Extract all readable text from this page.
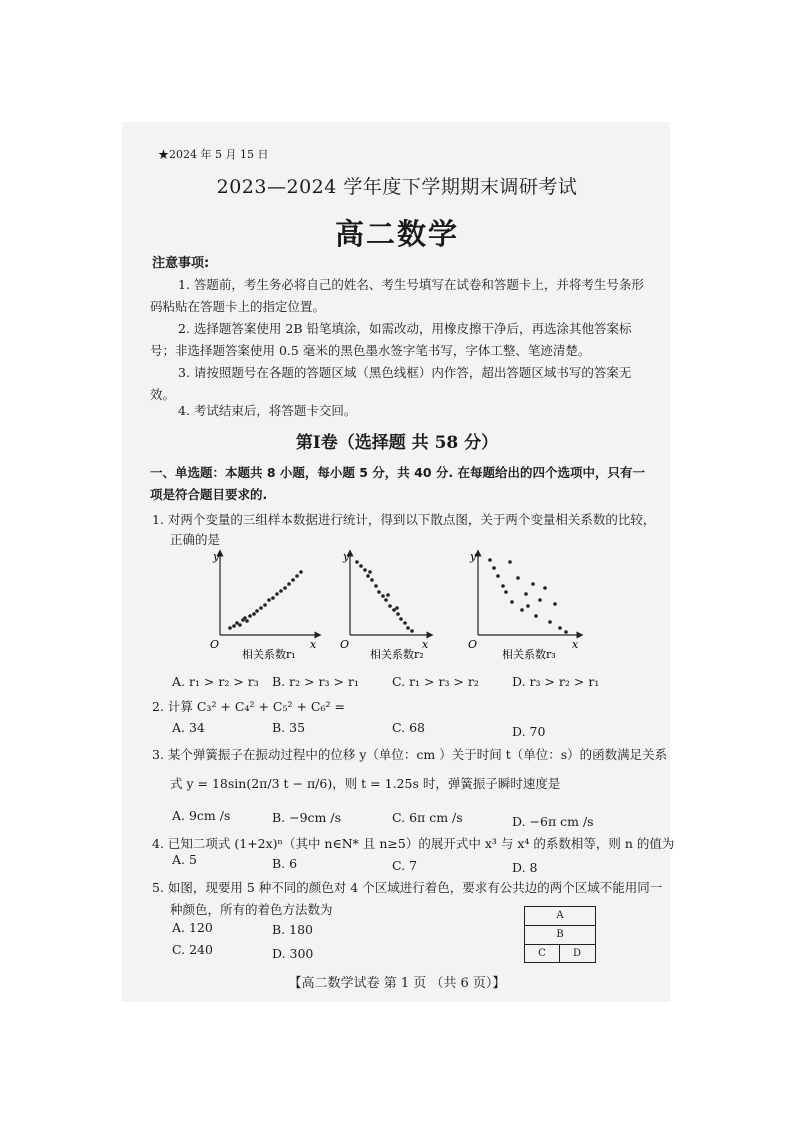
★2024 年 5 月 15 日
2023—2024 学年度下学期期末调研考试
高二数学
注意事项:
1. 答题前，考生务必将自己的姓名、考生号填写在试卷和答题卡上，并将考生号条形码粘贴在答题卡上的指定位置。
2. 选择题答案使用 2B 铅笔填涂，如需改动，用橡皮擦干净后，再选涂其他答案标号；非选择题答案使用 0.5 毫米的黑色墨水签字笔书写，字体工整、笔迹清楚。
3. 请按照题号在各题的答题区域（黑色线框）内作答，超出答题区域书写的答案无效。
4. 考试结束后，将答题卡交回。
第Ⅰ卷（选择题 共 58 分）
一、单选题：本题共 8 小题，每小题 5 分，共 40 分. 在每题给出的四个选项中，只有一项是符合题目要求的.
1. 对两个变量的三组样本数据进行统计，得到以下散点图，关于两个变量相关系数的比较，
正确的是
y
x
O
相关系数r₁
y
x
O
相关系数r₂
y
x
O
相关系数r₃
A. r₁ > r₂ > r₃ B. r₂ > r₃ > r₁	C. r₁ > r₃ > r₂	D. r₃ > r₂ > r₁
2. 计算 C₃² + C₄² + C₅² + C₆² =
A. 34	B. 35	C. 68	D. 70
3. 某个弹簧振子在振动过程中的位移 y（单位：cm ）关于时间 t（单位：s）的函数满足关系
式 y = 18sin(2π/3 t − π/6)，则 t = 1.25s 时，弹簧振子瞬时速度是
A. 9cm /s	B. −9cm /s	C. 6π cm /s	D. −6π cm /s
4. 已知二项式 (1+2x)ⁿ（其中 n∈N* 且 n≥5）的展开式中 x³ 与 x⁴ 的系数相等，则 n 的值为
A. 5	B. 6	C. 7	D. 8
5. 如图，现要用 5 种不同的颜色对 4 个区域进行着色，要求有公共边的两个区域不能用同一
种颜色，所有的着色方法数为
A. 120	B. 180
C. 240	D. 300
A
B
C	D
【高二数学试卷 第 1 页 （共 6 页）】
